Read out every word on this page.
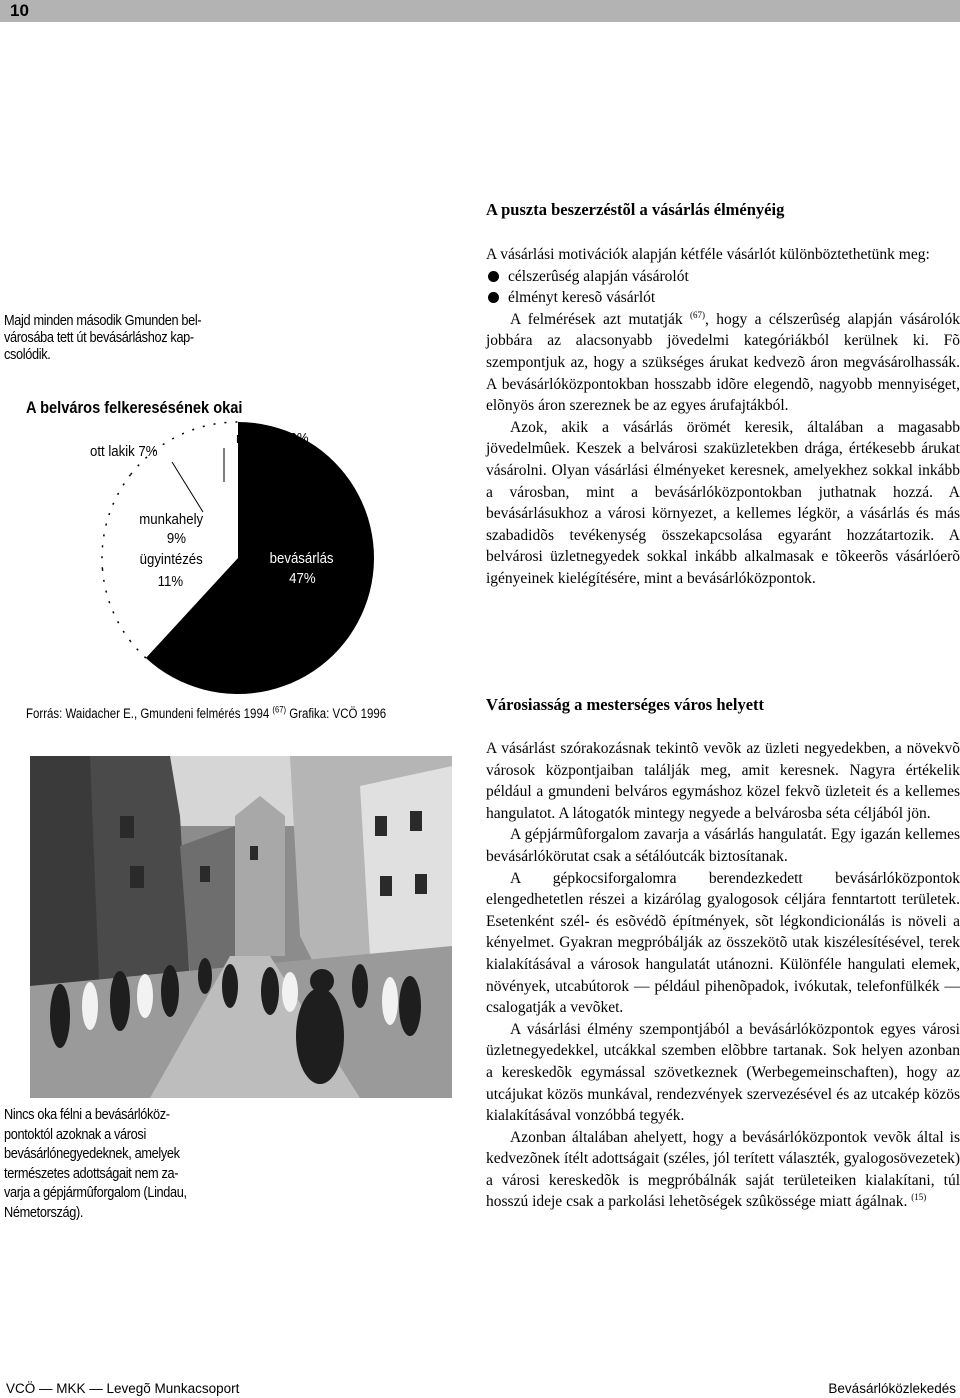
10
Majd minden második Gmunden bel-
városába tett út bevásárláshoz kap-
csolódik.
A belváros felkeresésének okai
ott lakik 7%
nyaralás 2%
munkahely
9%
ügyintézés
11%
bevásárlás
47%
Forrás: Waidacher E., Gmundeni felmérés 1994 $^{(67)}$ Grafika: VCÖ 1996
Nincs oka félni a bevásárlóköz-
pontoktól azoknak a városi
bevásárlónegyedeknek, amelyek
természetes adottságait nem za-
varja a gépjármûforgalom (Lindau,
Németország).
A puszta beszerzéstõl a vásárlás élményéig

A vásárlási motivációk alapján kétféle vásárlót különböztethetünk meg:

célszerûség alapján vásárolót
élményt keresõ vásárlót

A felmérések azt mutatják $^{(67)}$, hogy a célszerûség alapján vásárolók jobbára az alacsonyabb jövedelmi kategóriákból kerülnek ki. Fõ szempontjuk az, hogy a szükséges árukat kedvezõ áron megvásárolhassák. A bevásárlóközpontokban hosszabb idõre elegendõ, nagyobb mennyiséget, elõnyös áron szereznek be az egyes árufajtákból.

Azok, akik a vásárlás örömét keresik, általában a magasabb jövedelmûek. Keszek a belvárosi szaküzletekben drága, értékesebb árukat vásárolni. Olyan vásárlási élményeket keresnek, amelyekhez sokkal inkább a városban, mint a bevásárlóközpontokban juthatnak hozzá. A bevásárlásukhoz a városi környezet, a kellemes légkör, a vásárlás és más szabadidõs tevékenység összekapcsolása egyaránt hozzátartozik. A belvárosi üzletnegyedek sokkal inkább alkalmasak e tõkeerõs vásárlóerõ igényeinek kielégítésére, mint a bevásárlóközpontok.

Városiasság a mesterséges város helyett

A vásárlást szórakozásnak tekintõ vevõk az üzleti negyedekben, a növekvõ városok központjaiban találják meg, amit keresnek. Nagyra értékelik például a gmundeni belváros egymáshoz közel fekvõ üzleteit és a kellemes hangulatot. A látogatók mintegy negyede a belvárosba séta céljából jön.

A gépjármûforgalom zavarja a vásárlás hangulatát. Egy igazán kellemes bevásárlókörutat csak a sétálóutcák biztosítanak.

A gépkocsiforgalomra berendezkedett bevásárlóközpontok elengedhetetlen részei a kizárólag gyalogosok céljára fenntartott területek. Esetenként szél- és esõvédõ építmények, sõt légkondicionálás is növeli a kényelmet. Gyakran megpróbálják az összekötõ utak kiszélesítésével, terek kialakításával a városok hangulatát utánozni. Különféle hangulati elemek, növények, utcabútorok — például pihenõpadok, ivókutak, telefonfülkék — csalogatják a vevõket.

A vásárlási élmény szempontjából a bevásárlóközpontok egyes városi üzletnegyedekkel, utcákkal szemben elõbbre tartanak. Sok helyen azonban a kereskedõk egymással szövetkeznek (Werbegemeinschaften), hogy az utcájukat közös munkával, rendezvények szervezésével és az utcakép közös kialakításával vonzóbbá tegyék.

Azonban általában ahelyett, hogy a bevásárlóközpontok vevõk által is kedvezõnek ítélt adottságait (széles, jól terített választék, gyalogosövezetek) a városi kereskedõk is megpróbálnák saját területeiken kialakítani, túl hosszú ideje csak a parkolási lehetõségek szûkössége miatt ágálnak. $^{(15)}$

VCÖ — MKK — Levegõ Munkacsoport	Bevásárlóközlekedés
